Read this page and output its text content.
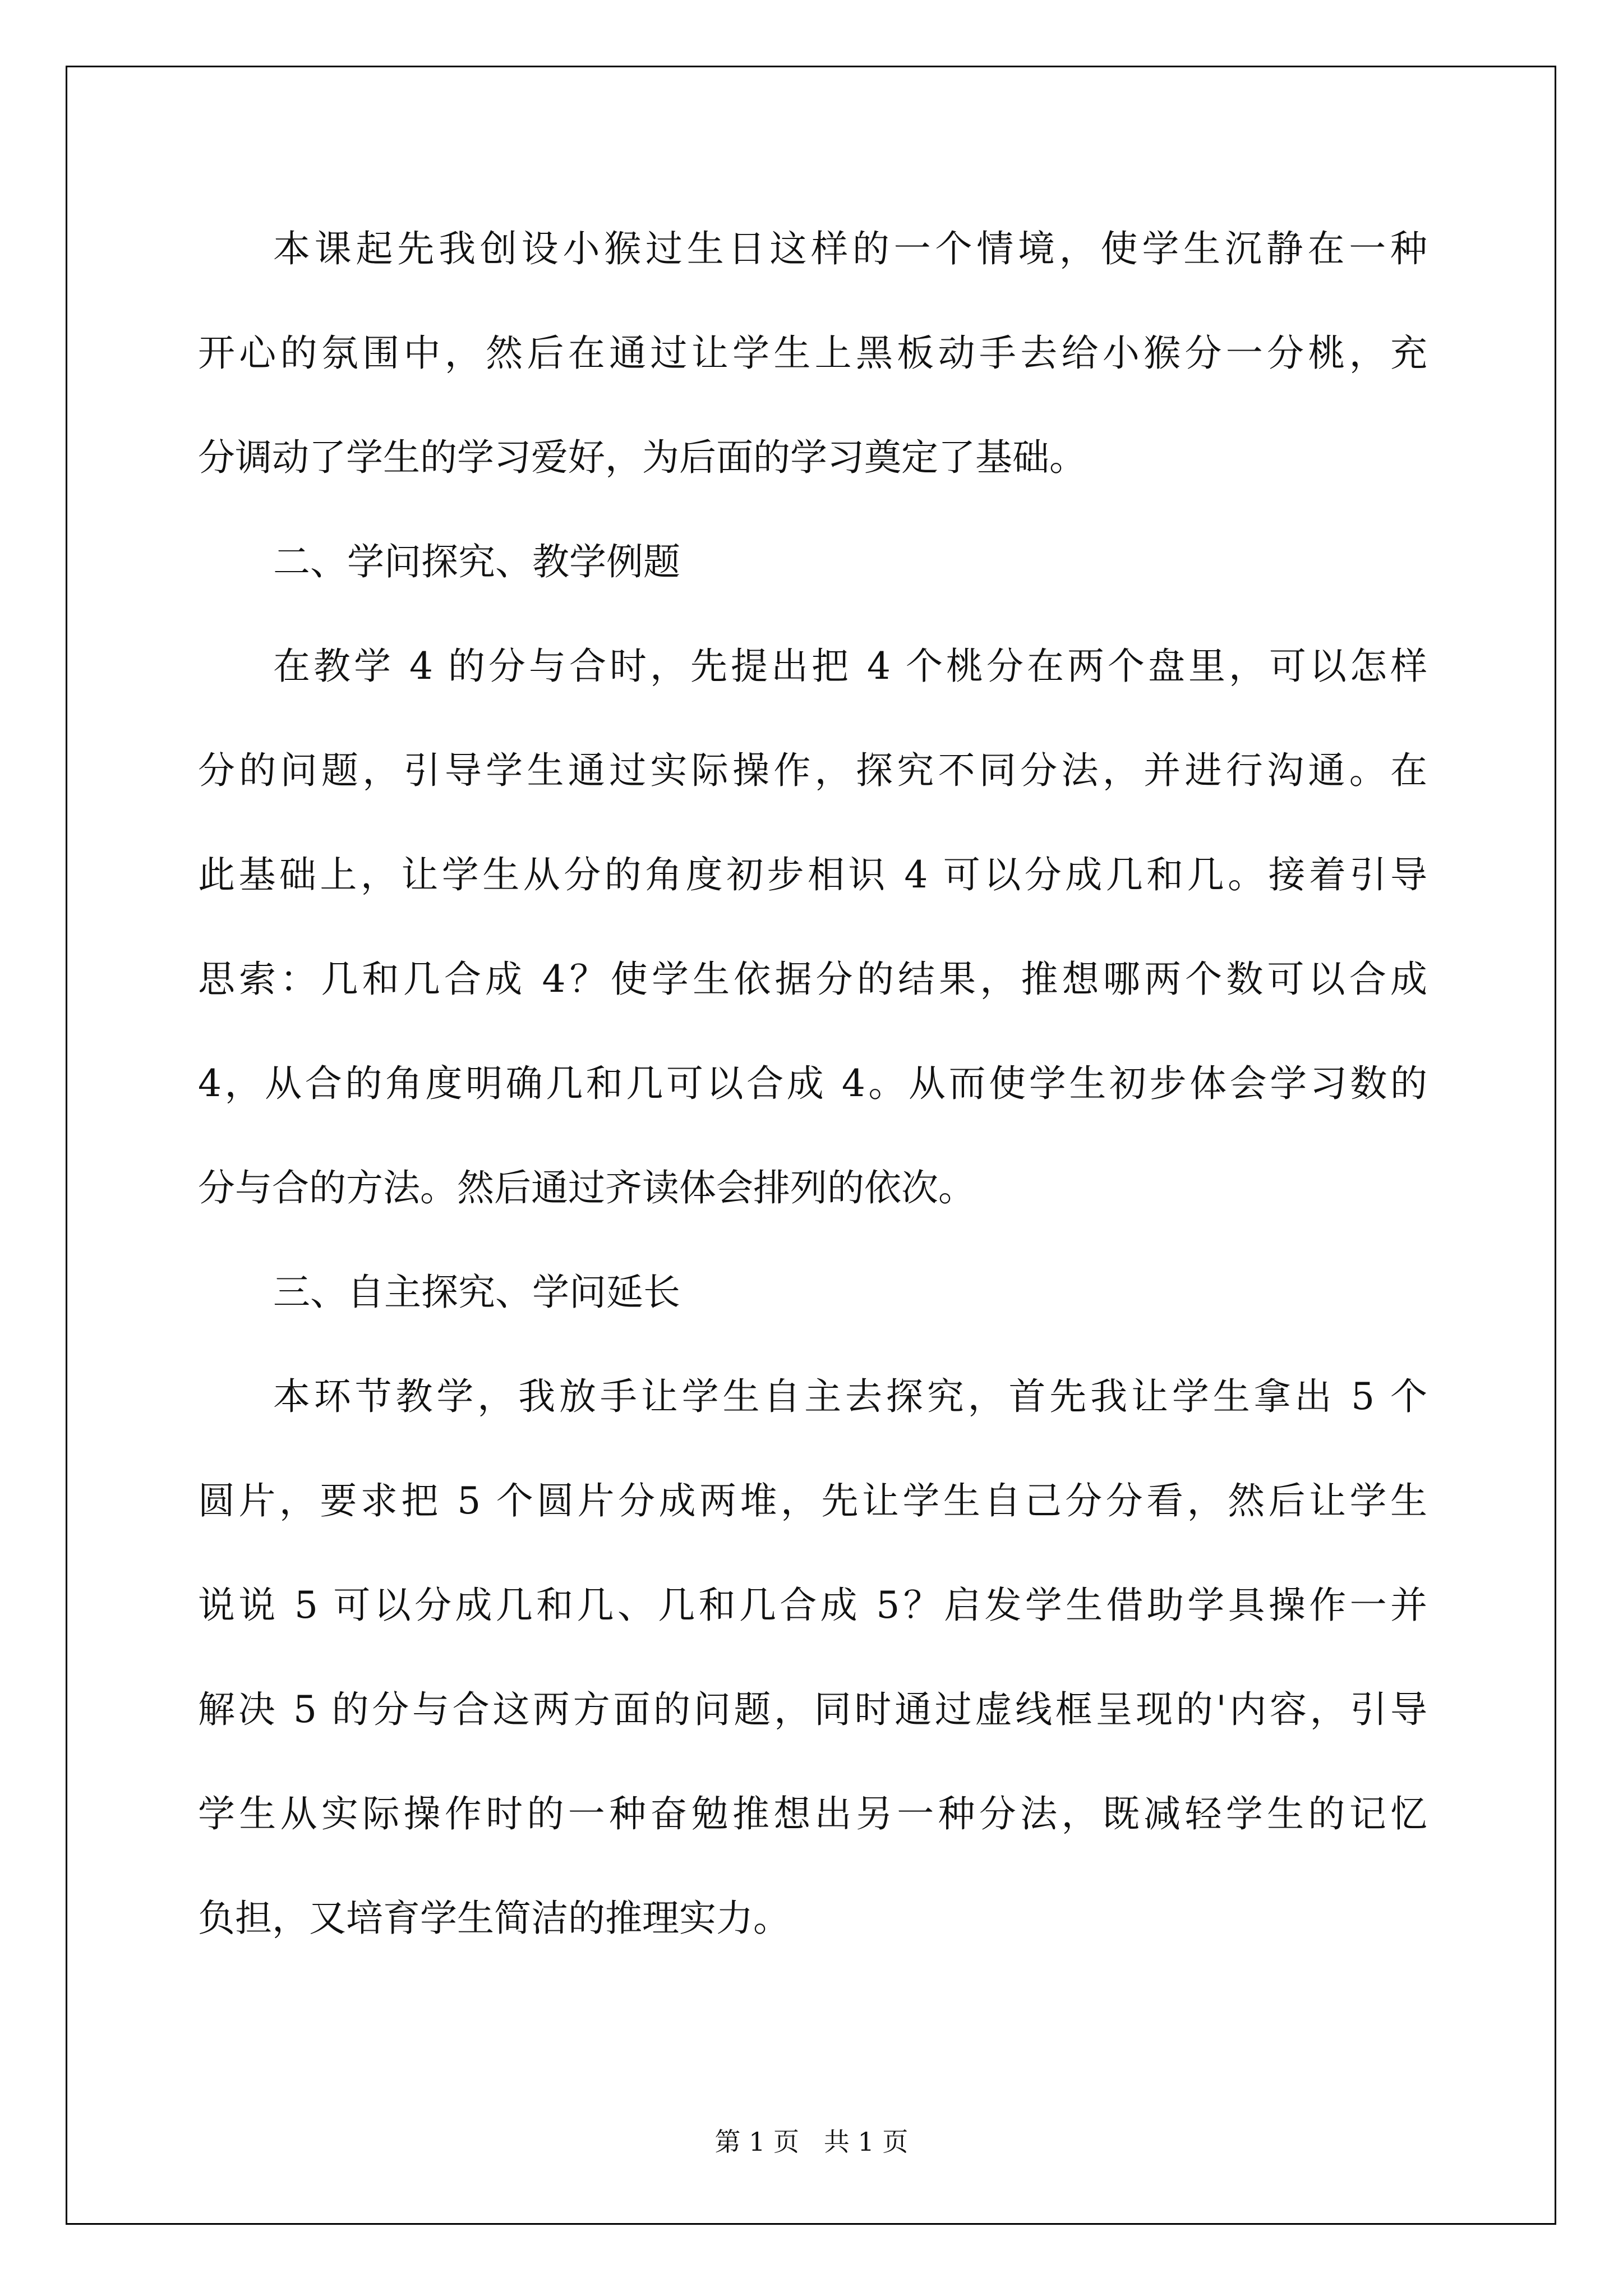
本课起先我创设小猴过生日这样的一个情境，使学生沉静在一种
开心的氛围中，然后在通过让学生上黑板动手去给小猴分一分桃，充
分调动了学生的学习爱好，为后面的学习奠定了基础。
二、学问探究、教学例题
在教学 4 的分与合时，先提出把 4 个桃分在两个盘里，可以怎样
分的问题，引导学生通过实际操作，探究不同分法，并进行沟通。在
此基础上，让学生从分的角度初步相识 4 可以分成几和几。接着引导
思索：几和几合成 4？使学生依据分的结果，推想哪两个数可以合成
4，从合的角度明确几和几可以合成 4。从而使学生初步体会学习数的
分与合的方法。然后通过齐读体会排列的依次。
三、自主探究、学问延长
本环节教学，我放手让学生自主去探究，首先我让学生拿出 5 个
圆片，要求把 5 个圆片分成两堆，先让学生自己分分看，然后让学生
说说 5 可以分成几和几、几和几合成 5？启发学生借助学具操作一并
解决 5 的分与合这两方面的问题，同时通过虚线框呈现的'内容，引导
学生从实际操作时的一种奋勉推想出另一种分法，既减轻学生的记忆
负担，又培育学生简洁的推理实力。
第 1 页   共 1 页
